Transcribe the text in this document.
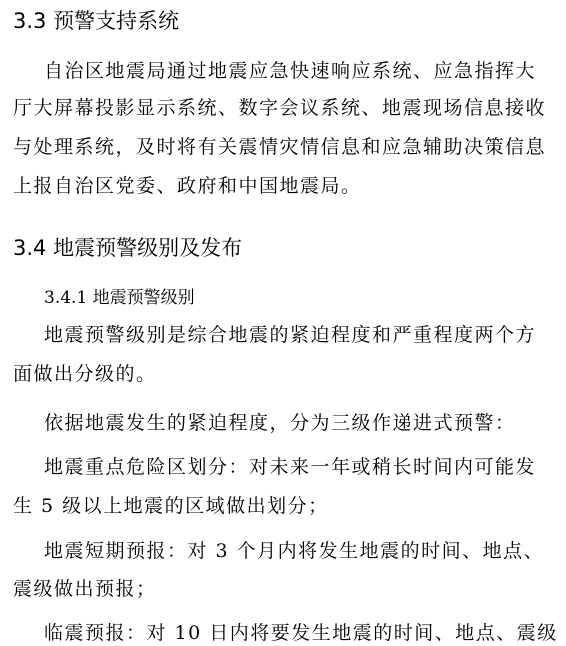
3.3 预警支持系统
自治区地震局通过地震应急快速响应系统、应急指挥大
厅大屏幕投影显示系统、数字会议系统、地震现场信息接收
与处理系统，及时将有关震情灾情信息和应急辅助决策信息
上报自治区党委、政府和中国地震局。
3.4 地震预警级别及发布
3.4.1 地震预警级别
地震预警级别是综合地震的紧迫程度和严重程度两个方
面做出分级的。
依据地震发生的紧迫程度，分为三级作递进式预警：
地震重点危险区划分：对未来一年或稍长时间内可能发
生 5 级以上地震的区域做出划分；
地震短期预报：对 3 个月内将发生地震的时间、地点、
震级做出预报；
临震预报：对 10 日内将要发生地震的时间、地点、震级
